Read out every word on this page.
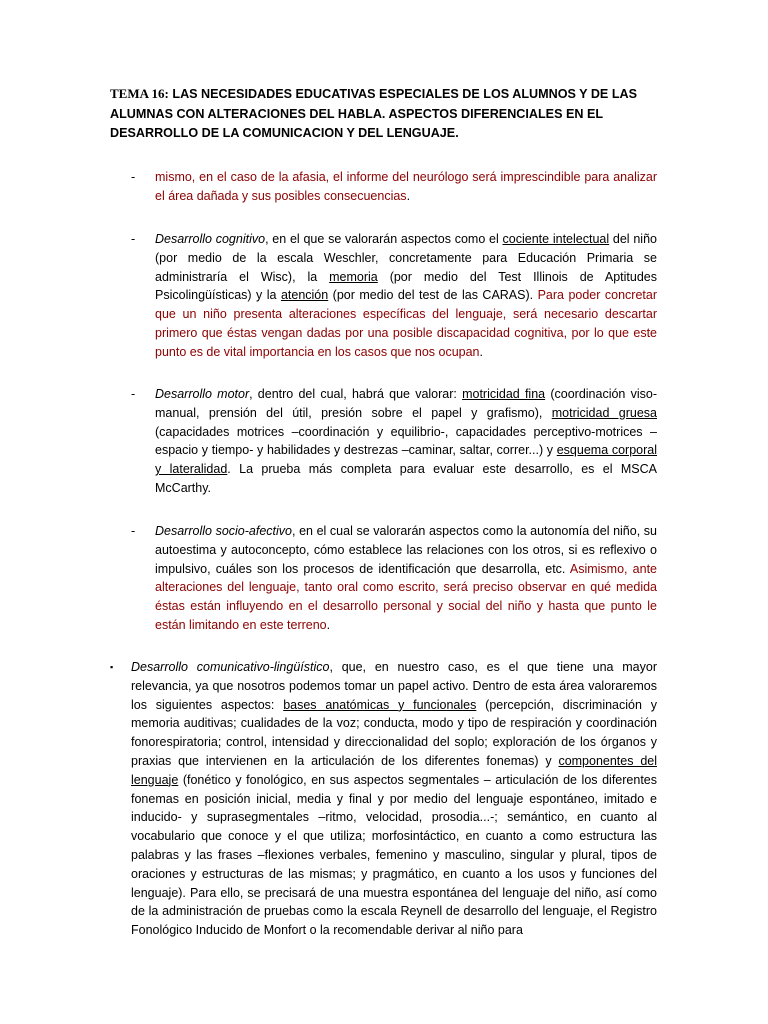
TEMA 16: LAS NECESIDADES EDUCATIVAS ESPECIALES DE LOS ALUMNOS Y DE LAS ALUMNAS CON ALTERACIONES DEL HABLA. ASPECTOS DIFERENCIALES EN EL DESARROLLO DE LA COMUNICACION Y DEL LENGUAJE.
- mismo, en el caso de la afasia, el informe del neurólogo será imprescindible para analizar el área dañada y sus posibles consecuencias.
- Desarrollo cognitivo, en el que se valorarán aspectos como el cociente intelectual del niño (por medio de la escala Weschler, concretamente para Educación Primaria se administraría el Wisc), la memoria (por medio del Test Illinois de Aptitudes Psicolingüísticas) y la atención (por medio del test de las CARAS). Para poder concretar que un niño presenta alteraciones específicas del lenguaje, será necesario descartar primero que éstas vengan dadas por una posible discapacidad cognitiva, por lo que este punto es de vital importancia en los casos que nos ocupan.
- Desarrollo motor, dentro del cual, habrá que valorar: motricidad fina (coordinación viso-manual, prensión del útil, presión sobre el papel y grafismo), motricidad gruesa (capacidades motrices –coordinación y equilibrio-, capacidades perceptivo-motrices – espacio y tiempo- y habilidades y destrezas –caminar, saltar, correr...) y esquema corporal y lateralidad. La prueba más completa para evaluar este desarrollo, es el MSCA McCarthy.
- Desarrollo socio-afectivo, en el cual se valorarán aspectos como la autonomía del niño, su autoestima y autoconcepto, cómo establece las relaciones con los otros, si es reflexivo o impulsivo, cuáles son los procesos de identificación que desarrolla, etc. Asimismo, ante alteraciones del lenguaje, tanto oral como escrito, será preciso observar en qué medida éstas están influyendo en el desarrollo personal y social del niño y hasta que punto le están limitando en este terreno.
▪ Desarrollo comunicativo-lingüístico, que, en nuestro caso, es el que tiene una mayor relevancia, ya que nosotros podemos tomar un papel activo. Dentro de esta área valoraremos los siguientes aspectos: bases anatómicas y funcionales (percepción, discriminación y memoria auditivas; cualidades de la voz; conducta, modo y tipo de respiración y coordinación fonorespiratoria; control, intensidad y direccionalidad del soplo; exploración de los órganos y praxias que intervienen en la articulación de los diferentes fonemas) y componentes del lenguaje (fonético y fonológico, en sus aspectos segmentales – articulación de los diferentes fonemas en posición inicial, media y final y por medio del lenguaje espontáneo, imitado e inducido- y suprasegmentales –ritmo, velocidad, prosodia...-; semántico, en cuanto al vocabulario que conoce y el que utiliza; morfosintáctico, en cuanto a como estructura las palabras y las frases –flexiones verbales, femenino y masculino, singular y plural, tipos de oraciones y estructuras de las mismas; y pragmático, en cuanto a los usos y funciones del lenguaje). Para ello, se precisará de una muestra espontánea del lenguaje del niño, así como de la administración de pruebas como la escala Reynell de desarrollo del lenguaje, el Registro Fonológico Inducido de Monfort o la recomendable derivar al niño para
